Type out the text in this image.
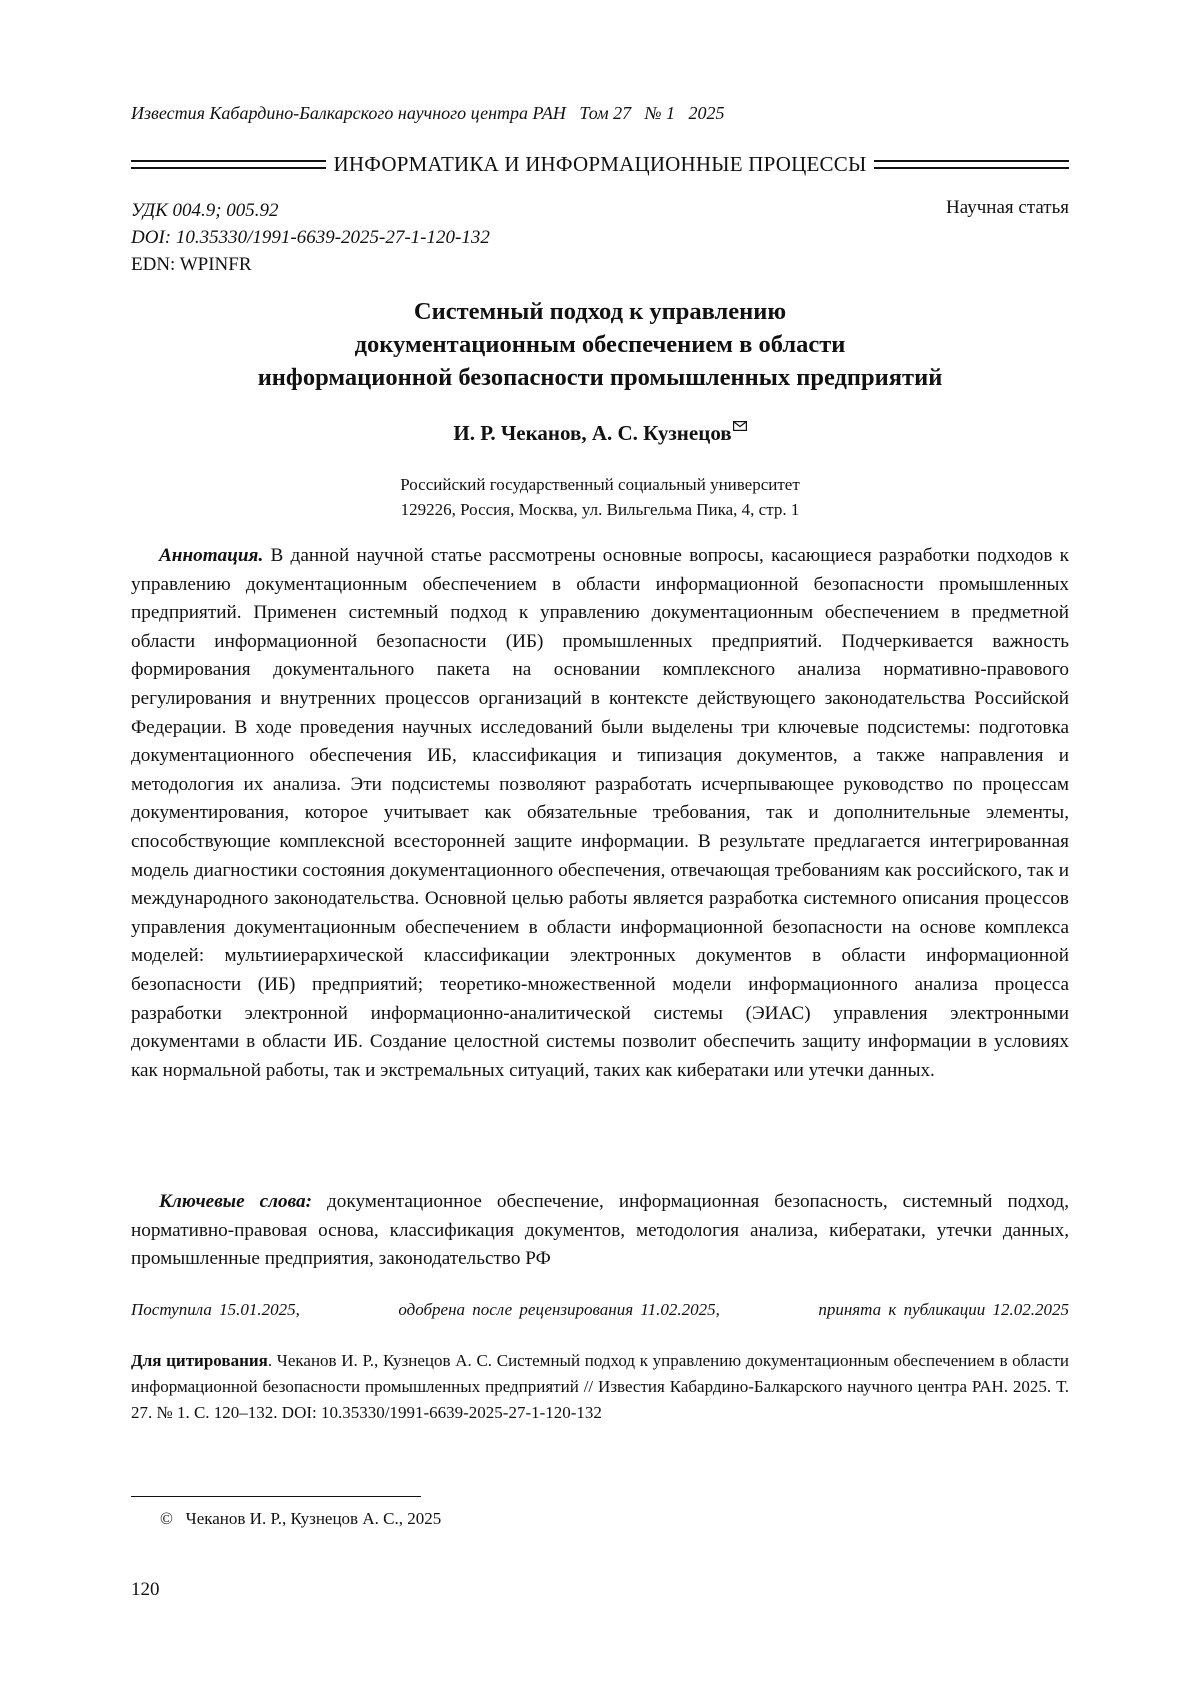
Известия Кабардино-Балкарского научного центра РАН   Том 27   № 1   2025
ИНФОРМАТИКА И ИНФОРМАЦИОННЫЕ ПРОЦЕССЫ
УДК 004.9; 005.92
DOI: 10.35330/1991-6639-2025-27-1-120-132
EDN: WPINFR
Научная статья
Системный подход к управлению
документационным обеспечением в области
информационной безопасности промышленных предприятий
И. Р. Чеканов, А. С. Кузнецов
Российский государственный социальный университет
129226, Россия, Москва, ул. Вильгельма Пика, 4, стр. 1

Аннотация. В данной научной статье рассмотрены основные вопросы, касающиеся разработки подходов к управлению документационным обеспечением в области информационной безопасности промышленных предприятий. Применен системный подход к управлению документационным обеспечением в предметной области информационной безопасности (ИБ) промышленных предприятий. Подчеркивается важность формирования документального пакета на основании комплексного анализа нормативно-правового регулирования и внутренних процессов организаций в контексте действующего законодательства Российской Федерации. В ходе проведения научных исследований были выделены три ключевые подсистемы: подготовка документационного обеспечения ИБ, классификация и типизация документов, а также направления и методология их анализа. Эти подсистемы позволяют разработать исчерпывающее руководство по процессам документирования, которое учитывает как обязательные требования, так и дополнительные элементы, способствующие комплексной всесторонней защите информации. В результате предлагается интегрированная модель диагностики состояния документационного обеспечения, отвечающая требованиям как российского, так и международного законодательства. Основной целью работы является разработка системного описания процессов управления документационным обеспечением в области информационной безопасности на основе комплекса моделей: мультииерархической классификации электронных документов в области информационной безопасности (ИБ) предприятий; теоретико-множественной модели информационного анализа процесса разработки электронной информационно-аналитической системы (ЭИАС) управления электронными документами в области ИБ. Создание целостной системы позволит обеспечить защиту информации в условиях как нормальной работы, так и экстремальных ситуаций, таких как кибератаки или утечки данных.

Ключевые слова: документационное обеспечение, информационная безопасность, системный подход, нормативно-правовая основа, классификация документов, методология анализа, кибератаки, утечки данных, промышленные предприятия, законодательство РФ

Поступила 15.01.2025,	одобрена после рецензирования 11.02.2025,	принята к публикации 12.02.2025

Для цитирования. Чеканов И. Р., Кузнецов А. С. Системный подход к управлению документационным обеспечением в области информационной безопасности промышленных предприятий // Известия Кабардино-Балкарского научного центра РАН. 2025. Т. 27. № 1. С. 120–132. DOI: 10.35330/1991-6639-2025-27-1-120-132

©   Чеканов И. Р., Кузнецов А. С., 2025
120
